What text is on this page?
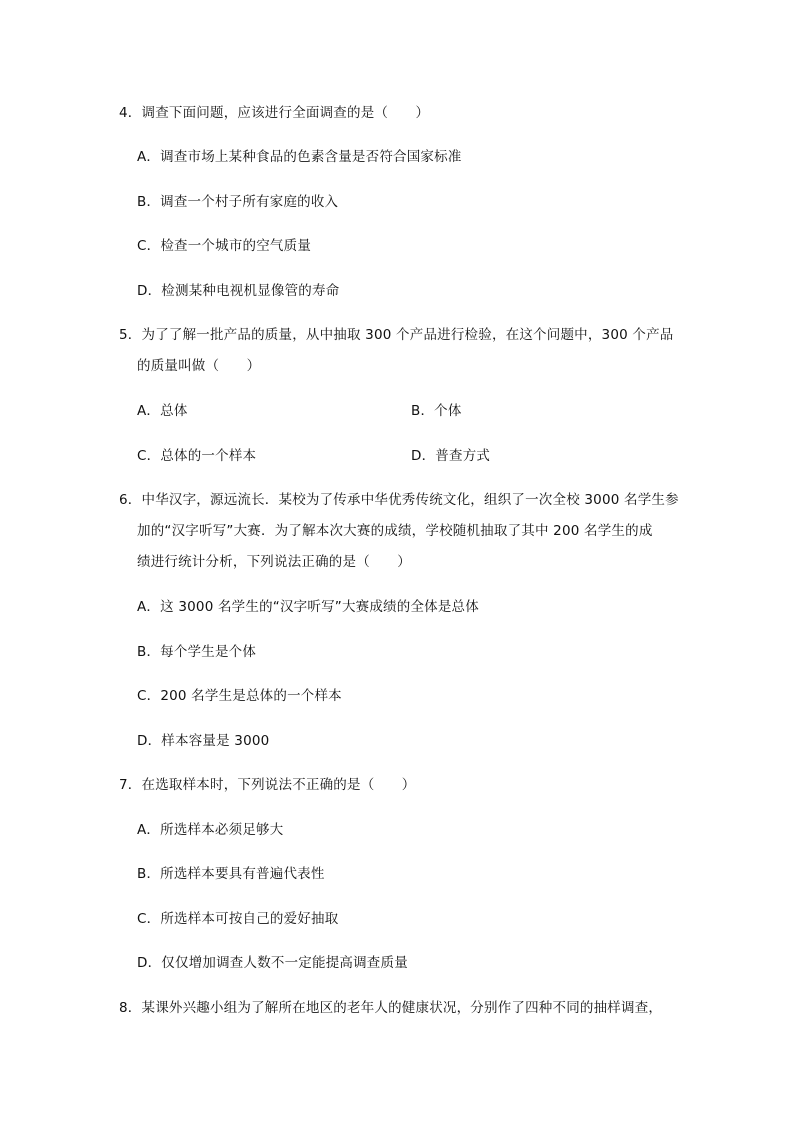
4．调查下面问题，应该进行全面调查的是（　　）
A．调查市场上某种食品的色素含量是否符合国家标准
B．调查一个村子所有家庭的收入
C．检查一个城市的空气质量
D．检测某种电视机显像管的寿命
5．为了了解一批产品的质量，从中抽取 300 个产品进行检验，在这个问题中，300 个产品
的质量叫做（　　）
A．总体	B．个体
C．总体的一个样本	D．普查方式
6．中华汉字，源远流长．某校为了传承中华优秀传统文化，组织了一次全校 3000 名学生参
加的“汉字听写”大赛．为了解本次大赛的成绩，学校随机抽取了其中 200 名学生的成
绩进行统计分析，下列说法正确的是（　　）
A．这 3000 名学生的“汉字听写”大赛成绩的全体是总体
B．每个学生是个体
C．200 名学生是总体的一个样本
D．样本容量是 3000
7．在选取样本时，下列说法不正确的是（　　）
A．所选样本必须足够大
B．所选样本要具有普遍代表性
C．所选样本可按自己的爱好抽取
D．仅仅增加调查人数不一定能提高调查质量
8．某课外兴趣小组为了解所在地区的老年人的健康状况，分别作了四种不同的抽样调查，
